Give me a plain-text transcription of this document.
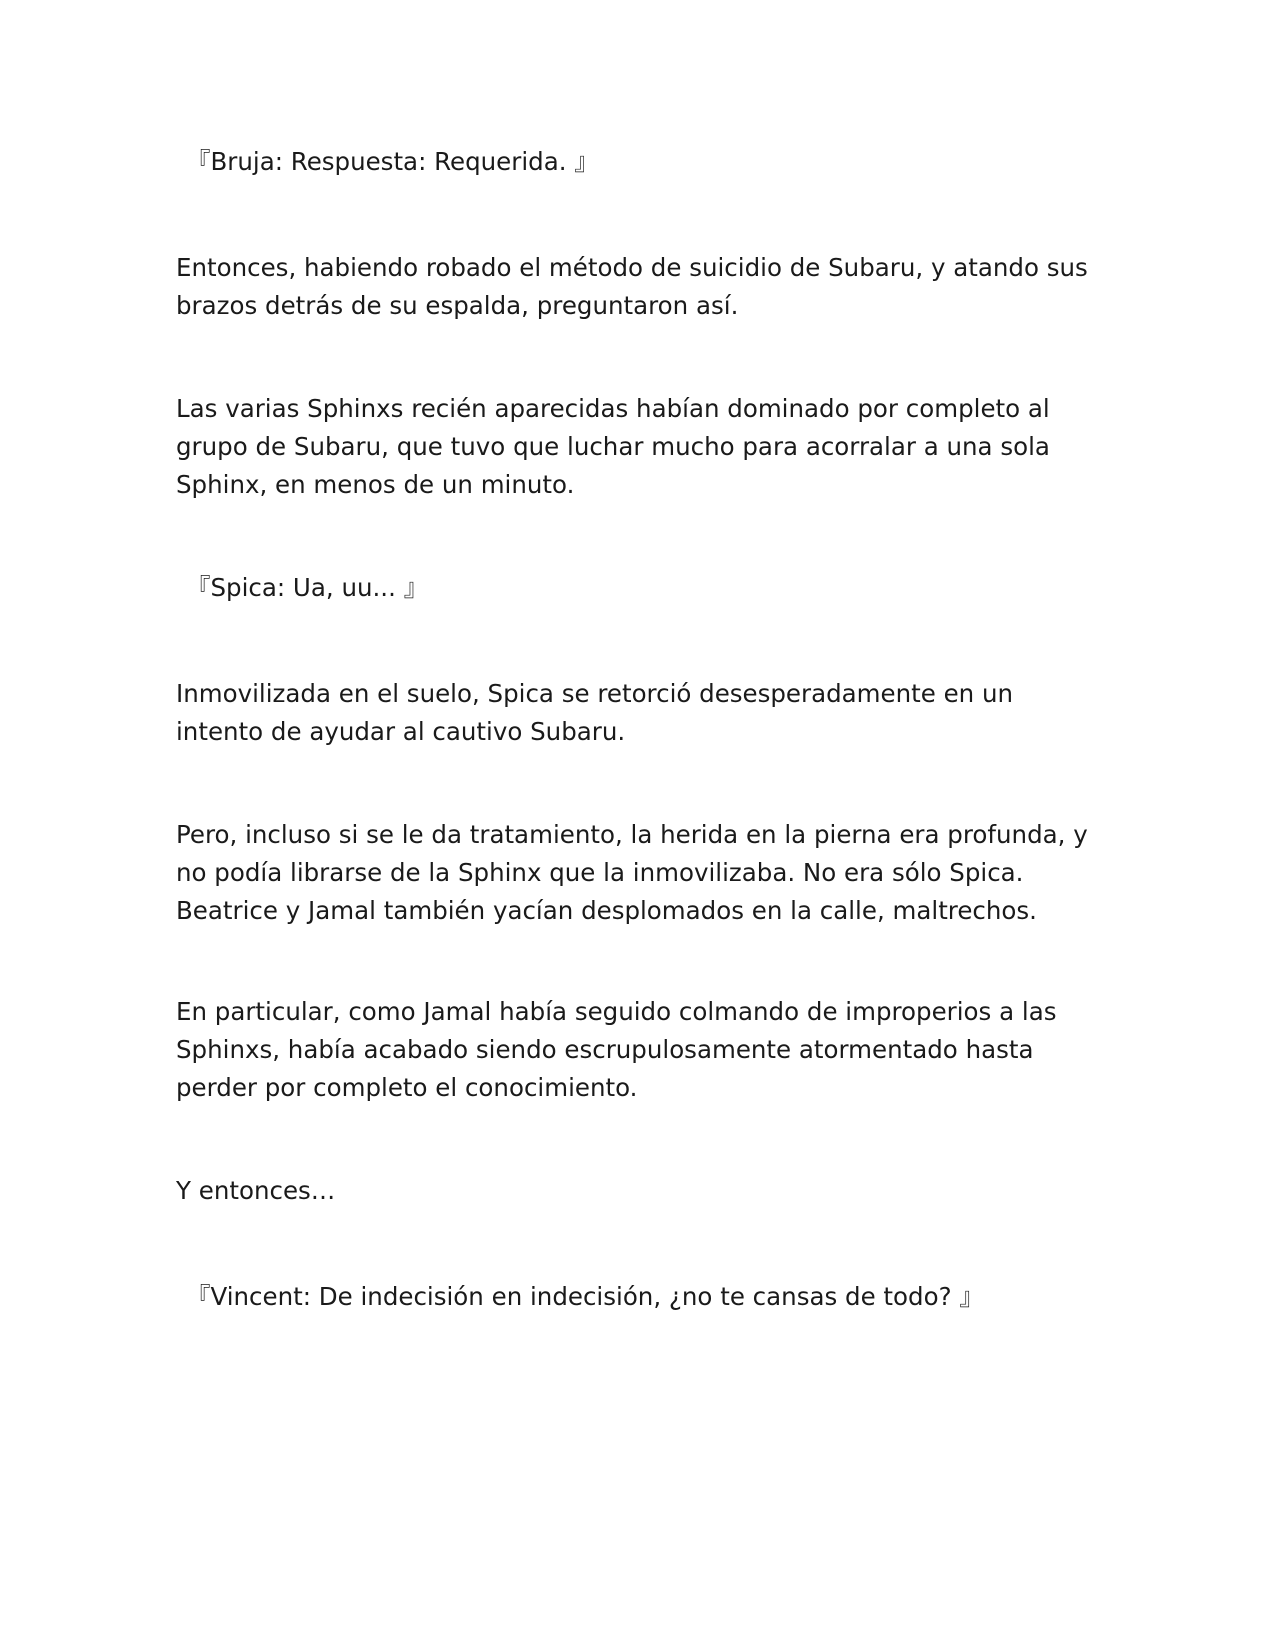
『Bruja: Respuesta: Requerida. 』

Entonces, habiendo robado el método de suicidio de Subaru, y atando sus brazos detrás de su espalda, preguntaron así.

Las varias Sphinxs recién aparecidas habían dominado por completo al grupo de Subaru, que tuvo que luchar mucho para acorralar a una sola Sphinx, en menos de un minuto.

『Spica: Ua, uu... 』

Inmovilizada en el suelo, Spica se retorció desesperadamente en un intento de ayudar al cautivo Subaru.

Pero, incluso si se le da tratamiento, la herida en la pierna era profunda, y no podía librarse de la Sphinx que la inmovilizaba. No era sólo Spica. Beatrice y Jamal también yacían desplomados en la calle, maltrechos.

En particular, como Jamal había seguido colmando de improperios a las Sphinxs, había acabado siendo escrupulosamente atormentado hasta perder por completo el conocimiento.

Y entonces…

『Vincent: De indecisión en indecisión, ¿no te cansas de todo? 』
